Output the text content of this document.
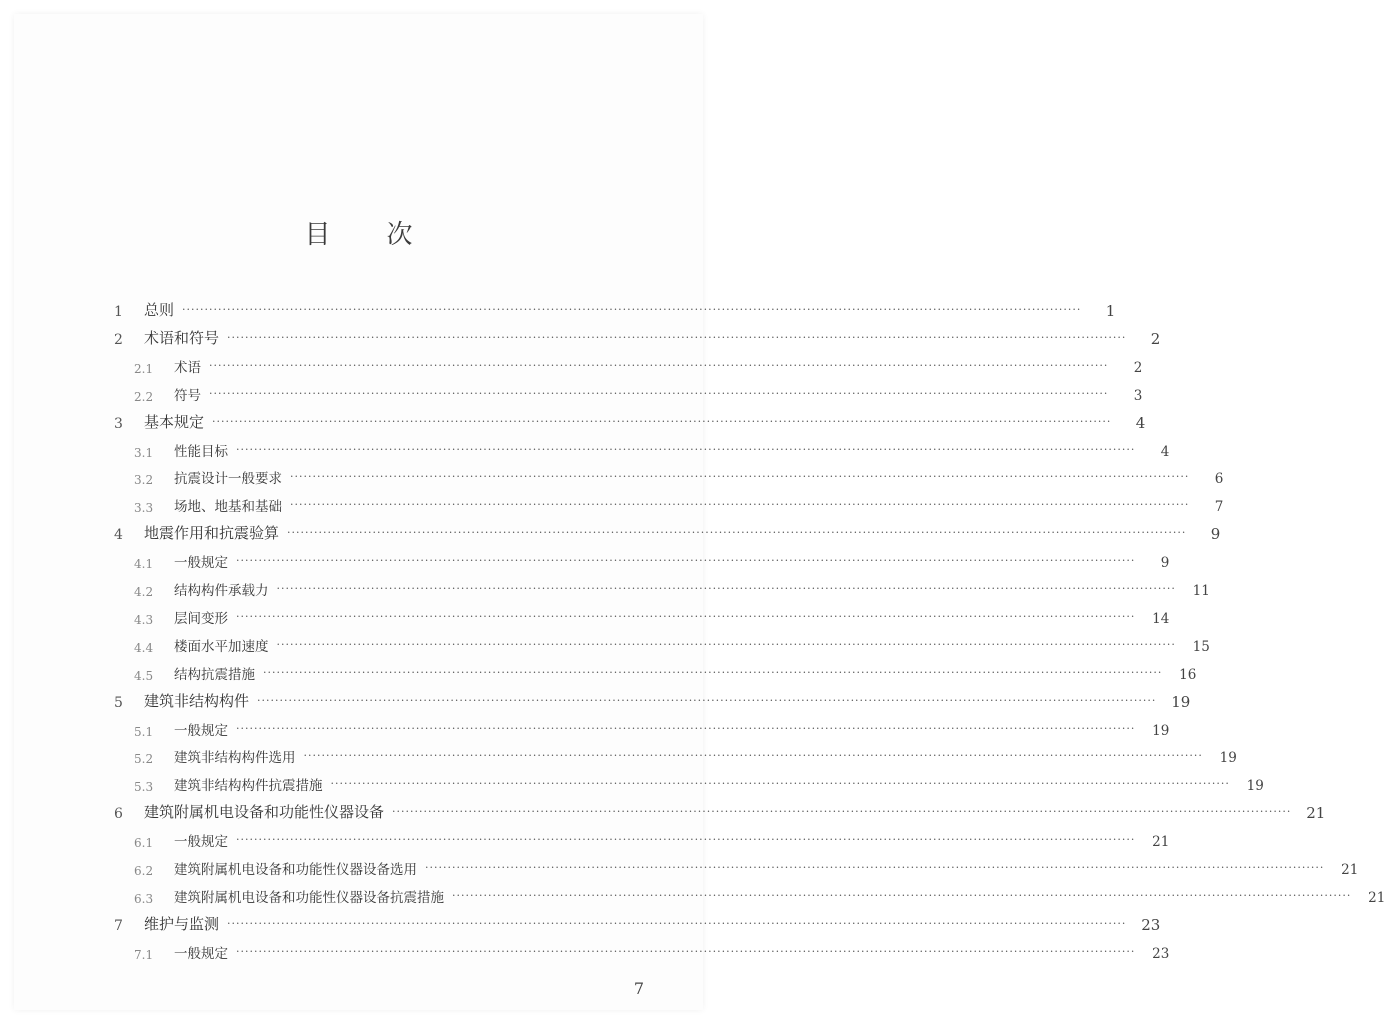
目 次
1	总则 ········································································································································································································	1
2	术语和符号 ········································································································································································································	2
2.1	术语 ········································································································································································································	2
2.2	符号 ········································································································································································································	3
3	基本规定 ········································································································································································································	4
3.1	性能目标 ········································································································································································································	4
3.2	抗震设计一般要求 ········································································································································································································	6
3.3	场地、地基和基础 ········································································································································································································	7
4	地震作用和抗震验算 ········································································································································································································	9
4.1	一般规定 ········································································································································································································	9
4.2	结构构件承载力 ········································································································································································································	11
4.3	层间变形 ········································································································································································································	14
4.4	楼面水平加速度 ········································································································································································································	15
4.5	结构抗震措施 ········································································································································································································	16
5	建筑非结构构件 ········································································································································································································ 19
5.1	一般规定 ········································································································································································································	19
5.2	建筑非结构构件选用 ········································································································································································································	19
5.3	建筑非结构构件抗震措施 ········································································································································································································	19
6	建筑附属机电设备和功能性仪器设备 ········································································································································································································ 21
6.1	一般规定 ········································································································································································································	21
6.2	建筑附属机电设备和功能性仪器设备选用 ········································································································································································································	21
6.3	建筑附属机电设备和功能性仪器设备抗震措施 ········································································································································································································	21
7	维护与监测 ········································································································································································································ 23
7.1	一般规定 ········································································································································································································	23
7
